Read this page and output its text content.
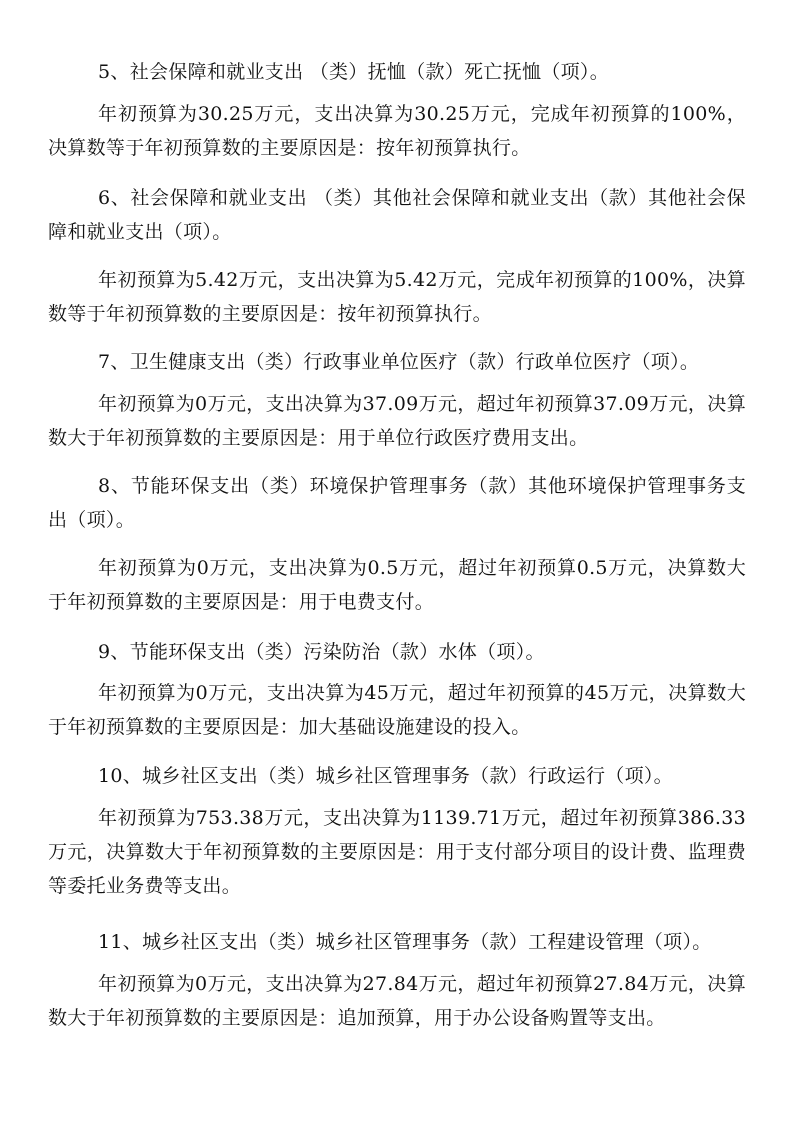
5、社会保障和就业支出 （类）抚恤（款）死亡抚恤（项）。

年初预算为30.25万元，支出决算为30.25万元，完成年初预算的100%，决算数等于年初预算数的主要原因是：按年初预算执行。

6、社会保障和就业支出 （类）其他社会保障和就业支出（款）其他社会保障和就业支出（项）。

年初预算为5.42万元，支出决算为5.42万元，完成年初预算的100%，决算数等于年初预算数的主要原因是：按年初预算执行。

7、卫生健康支出（类）行政事业单位医疗（款）行政单位医疗（项）。

年初预算为0万元，支出决算为37.09万元，超过年初预算37.09万元，决算数大于年初预算数的主要原因是：用于单位行政医疗费用支出。

8、节能环保支出（类）环境保护管理事务（款）其他环境保护管理事务支出（项）。

年初预算为0万元，支出决算为0.5万元，超过年初预算0.5万元，决算数大于年初预算数的主要原因是：用于电费支付。

9、节能环保支出（类）污染防治（款）水体（项）。

年初预算为0万元，支出决算为45万元，超过年初预算的45万元，决算数大于年初预算数的主要原因是：加大基础设施建设的投入。

10、城乡社区支出（类）城乡社区管理事务（款）行政运行（项）。

年初预算为753.38万元，支出决算为1139.71万元，超过年初预算386.33万元，决算数大于年初预算数的主要原因是：用于支付部分项目的设计费、监理费等委托业务费等支出。

11、城乡社区支出（类）城乡社区管理事务（款）工程建设管理（项）。

年初预算为0万元，支出决算为27.84万元，超过年初预算27.84万元，决算数大于年初预算数的主要原因是：追加预算，用于办公设备购置等支出。
